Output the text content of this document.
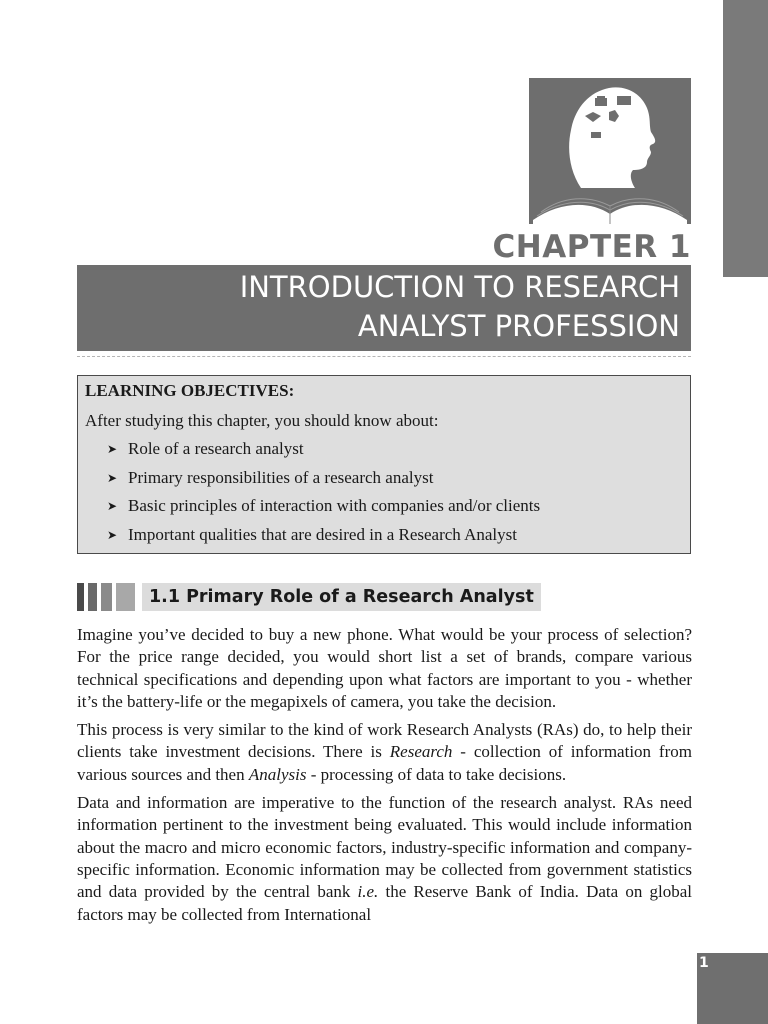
CHAPTER 1
INTRODUCTION TO RESEARCH
ANALYST PROFESSION

LEARNING OBJECTIVES:

After studying this chapter, you should know about:

➤ Role of a research analyst
➤ Primary responsibilities of a research analyst
➤ Basic principles of interaction with companies and/or clients
➤ Important qualities that are desired in a Research Analyst
1.1 Primary Role of a Research Analyst

Imagine you’ve decided to buy a new phone. What would be your process of selection? For the price range decided, you would short list a set of brands, compare various technical specifications and depending upon what factors are important to you - whether it’s the battery-life or the megapixels of camera, you take the decision.

This process is very similar to the kind of work Research Analysts (RAs) do, to help their clients take investment decisions. There is Research - collection of information from various sources and then Analysis - processing of data to take decisions.

Data and information are imperative to the function of the research analyst. RAs need information pertinent to the investment being evaluated. This would include information about the macro and micro economic factors, industry-specific information and company-specific information. Economic information may be collected from government statistics and data provided by the central bank i.e. the Reserve Bank of India. Data on global factors may be collected from International

1
